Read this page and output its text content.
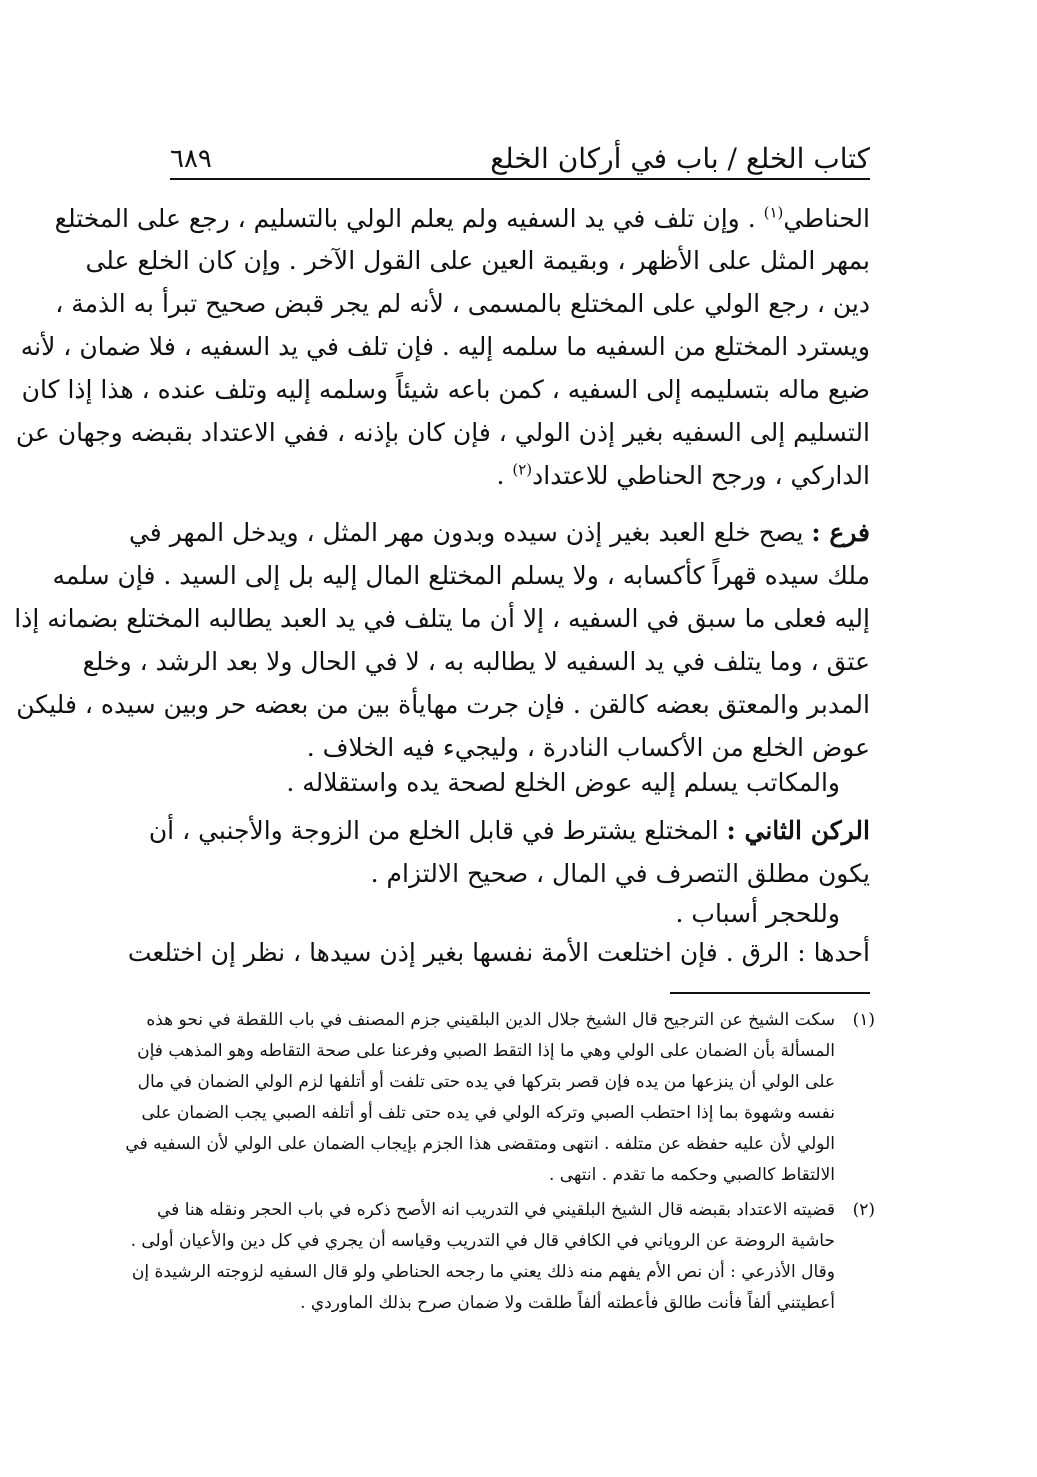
كتاب الخلع / باب في أركان الخلع
٦٨٩
الحناطي$^{(١)}$ . وإن تلف في يد السفيه ولم يعلم الولي بالتسليم ، رجع على المختلع
بمهر المثل على الأظهر ، وبقيمة العين على القول الآخر . وإن كان الخلع على
دين ، رجع الولي على المختلع بالمسمى ، لأنه لم يجر قبض صحيح تبرأ به الذمة ،
ويسترد المختلع من السفيه ما سلمه إليه . فإن تلف في يد السفيه ، فلا ضمان ، لأنه
ضيع ماله بتسليمه إلى السفيه ، كمن باعه شيئاً وسلمه إليه وتلف عنده ، هذا إذا كان
التسليم إلى السفيه بغير إذن الولي ، فإن كان بإذنه ، ففي الاعتداد بقبضه وجهان عن
الداركي ، ورجح الحناطي للاعتداد$^{(٢)}$ .
فرع : يصح خلع العبد بغير إذن سيده وبدون مهر المثل ، ويدخل المهر في
ملك سيده قهراً كأكسابه ، ولا يسلم المختلع المال إليه بل إلى السيد . فإن سلمه
إليه فعلى ما سبق في السفيه ، إلا أن ما يتلف في يد العبد يطالبه المختلع بضمانه إذا
عتق ، وما يتلف في يد السفيه لا يطالبه به ، لا في الحال ولا بعد الرشد ، وخلع
المدبر والمعتق بعضه كالقن . فإن جرت مهايأة بين من بعضه حر وبين سيده ، فليكن
عوض الخلع من الأكساب النادرة ، وليجيء فيه الخلاف .
والمكاتب يسلم إليه عوض الخلع لصحة يده واستقلاله .
الركن الثاني : المختلع يشترط في قابل الخلع من الزوجة والأجنبي ، أن
يكون مطلق التصرف في المال ، صحيح الالتزام .
وللحجر أسباب .
أحدها : الرق . فإن اختلعت الأمة نفسها بغير إذن سيدها ، نظر إن اختلعت
(١)
سكت الشيخ عن الترجيح قال الشيخ جلال الدين البلقيني جزم المصنف في باب اللقطة في نحو هذه
المسألة بأن الضمان على الولي وهي ما إذا التقط الصبي وفرعنا على صحة التقاطه وهو المذهب فإن
على الولي أن ينزعها من يده فإن قصر بتركها في يده حتى تلفت أو أتلفها لزم الولي الضمان في مال
نفسه وشهوة بما إذا احتطب الصبي وتركه الولي في يده حتى تلف أو أتلفه الصبي يجب الضمان على
الولي لأن عليه حفظه عن متلفه . انتهى ومتقضى هذا الجزم بإيجاب الضمان على الولي لأن السفيه في
الالتقاط كالصبي وحكمه ما تقدم . انتهى .
(٢)
قضيته الاعتداد بقبضه قال الشيخ البلقيني في التدريب انه الأصح ذكره في باب الحجر ونقله هنا في
حاشية الروضة عن الروياني في الكافي قال في التدريب وقياسه أن يجري في كل دين والأعيان أولى .
وقال الأذرعي : أن نص الأم يفهم منه ذلك يعني ما رجحه الحناطي ولو قال السفيه لزوجته الرشيدة إن
أعطيتني ألفاً فأنت طالق فأعطته ألفاً طلقت ولا ضمان صرح بذلك الماوردي .
